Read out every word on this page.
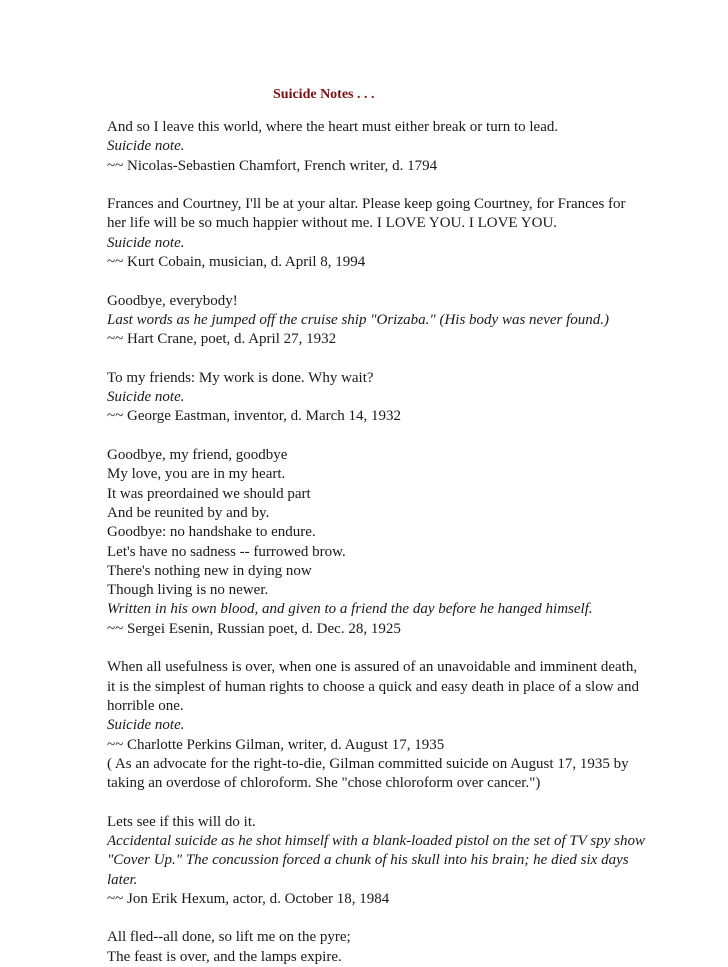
Suicide Notes . . .
And so I leave this world, where the heart must either break or turn to lead.
Suicide note.
~~ Nicolas-Sebastien Chamfort, French writer, d. 1794
Frances and Courtney, I'll be at your altar. Please keep going Courtney, for Frances for
her life will be so much happier without me. I LOVE YOU. I LOVE YOU.
Suicide note.
~~ Kurt Cobain, musician, d. April 8, 1994
Goodbye, everybody!
Last words as he jumped off the cruise ship "Orizaba." (His body was never found.)
~~ Hart Crane, poet, d. April 27, 1932
To my friends: My work is done. Why wait?
Suicide note.
~~ George Eastman, inventor, d. March 14, 1932
Goodbye, my friend, goodbye
My love, you are in my heart.
It was preordained we should part
And be reunited by and by.
Goodbye: no handshake to endure.
Let's have no sadness -- furrowed brow.
There's nothing new in dying now
Though living is no newer.
Written in his own blood, and given to a friend the day before he hanged himself.
~~ Sergei Esenin, Russian poet, d. Dec. 28, 1925
When all usefulness is over, when one is assured of an unavoidable and imminent death,
it is the simplest of human rights to choose a quick and easy death in place of a slow and
horrible one.
Suicide note.
~~ Charlotte Perkins Gilman, writer, d. August 17, 1935
( As an advocate for the right-to-die, Gilman committed suicide on August 17, 1935 by
taking an overdose of chloroform. She "chose chloroform over cancer.")
Lets see if this will do it.
Accidental suicide as he shot himself with a blank-loaded pistol on the set of TV spy show
"Cover Up." The concussion forced a chunk of his skull into his brain; he died six days
later.
~~ Jon Erik Hexum, actor, d. October 18, 1984
All fled--all done, so lift me on the pyre;
The feast is over, and the lamps expire.
